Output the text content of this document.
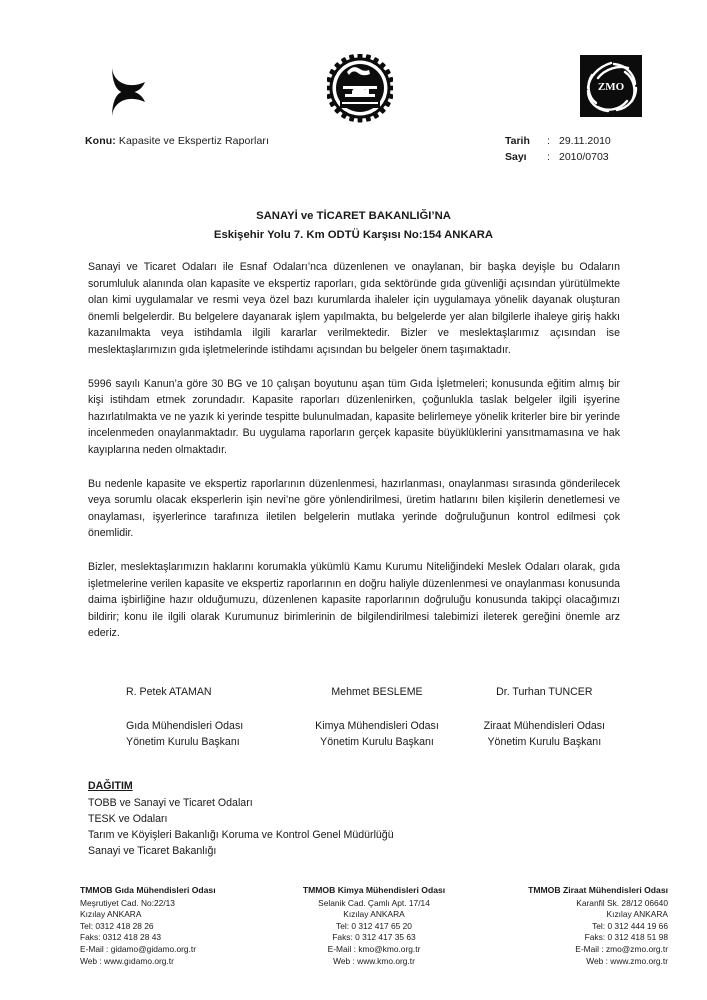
ZMO
Konu: Kapasite ve Ekspertiz Raporları	Tarih	: 29.11.2010
Sayı	: 2010/0703
SANAYİ ve TİCARET BAKANLIĞI’NA
Eskişehir Yolu 7. Km ODTÜ Karşısı No:154 ANKARA

Sanayi ve Ticaret Odaları ile Esnaf Odaları’nca düzenlenen ve onaylanan, bir başka deyişle bu Odaların sorumluluk alanında olan kapasite ve ekspertiz raporları, gıda sektöründe gıda güvenliği açısından yürütülmekte olan kimi uygulamalar ve resmi veya özel bazı kurumlarda ihaleler için uygulamaya yönelik dayanak oluşturan önemli belgelerdir. Bu belgelere dayanarak işlem yapılmakta, bu belgelerde yer alan bilgilerle ihaleye giriş hakkı kazanılmakta veya istihdamla ilgili kararlar verilmektedir. Bizler ve meslektaşlarımız açısından ise meslektaşlarımızın gıda işletmelerinde istihdamı açısından bu belgeler önem taşımaktadır.

5996 sayılı Kanun’a göre 30 BG ve 10 çalışan boyutunu aşan tüm Gıda İşletmeleri; konusunda eğitim almış bir kişi istihdam etmek zorundadır. Kapasite raporları düzenlenirken, çoğunlukla taslak belgeler ilgili işyerine hazırlatılmakta ve ne yazık ki yerinde tespitte bulunulmadan, kapasite belirlemeye yönelik kriterler bire bir yerinde incelenmeden onaylanmaktadır. Bu uygulama raporların gerçek kapasite büyüklüklerini yansıtmamasına ve hak kayıplarına neden olmaktadır.

Bu nedenle kapasite ve ekspertiz raporlarının düzenlenmesi, hazırlanması, onaylanması sırasında gönderilecek veya sorumlu olacak eksperlerin işin nevi’ne göre yönlendirilmesi, üretim hatlarını bilen kişilerin denetlemesi ve onaylaması, işyerlerince tarafınıza iletilen belgelerin mutlaka yerinde doğruluğunun kontrol edilmesi çok önemlidir.

Bizler, meslektaşlarımızın haklarını korumakla yükümlü Kamu Kurumu Niteliğindeki Meslek Odaları olarak, gıda işletmelerine verilen kapasite ve ekspertiz raporlarının en doğru haliyle düzenlenmesi ve onaylanması konusunda daima işbirliğine hazır olduğumuzu, düzenlenen kapasite raporlarının doğruluğu konusunda takipçi olacağımızı bildirir; konu ile ilgili olarak Kurumunuz birimlerinin de bilgilendirilmesi talebimizi ileterek gereğini önemle arz ederiz.

R. Petek ATAMAN
Gıda Mühendisleri Odası
Yönetim Kurulu Başkanı
Mehmet BESLEME
Kimya Mühendisleri Odası
Yönetim Kurulu Başkanı
Dr. Turhan TUNCER
Ziraat Mühendisleri Odası
Yönetim Kurulu Başkanı
DAĞITIM
TOBB ve Sanayi ve Ticaret Odaları
TESK ve Odaları
Tarım ve Köyişleri Bakanlığı Koruma ve Kontrol Genel Müdürlüğü
Sanayi ve Ticaret Bakanlığı
TMMOB Gıda Mühendisleri Odası
Meşrutiyet Cad. No:22/13
Kızılay ANKARA
Tel: 0312 418 28 26
Faks: 0312 418 28 43
E-Mail : gidamo@gidamo.org.tr
Web : www.gıdamo.org.tr
TMMOB Kimya Mühendisleri Odası
Selanik Cad. Çamlı Apt. 17/14
Kızılay ANKARA
Tel: 0 312 417 65 20
Faks: 0 312 417 35 63
E-Mail : kmo@kmo.org.tr
Web : www.kmo.org.tr
TMMOB Ziraat Mühendisleri Odası
Karanfil Sk. 28/12 06640
Kızılay ANKARA
Tel: 0 312 444 19 66
Faks: 0 312 418 51 98
E-Mail : zmo@zmo.org.tr
Web : www.zmo.org.tr
